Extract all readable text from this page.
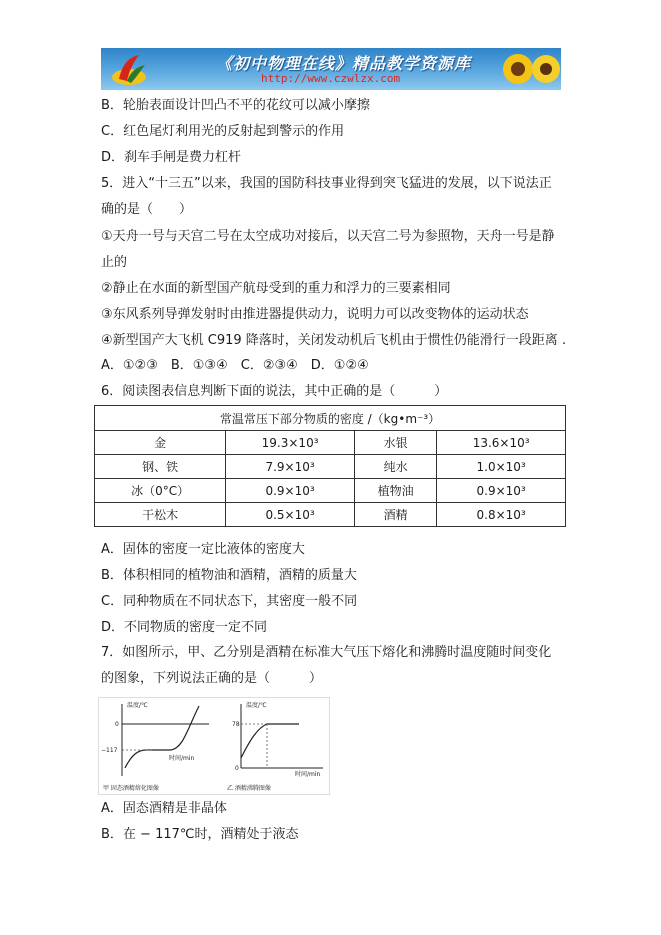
《初中物理在线》精品教学资源库
http://www.czwlzx.com
B．轮胎表面设计凹凸不平的花纹可以减小摩擦
C．红色尾灯利用光的反射起到警示的作用
D．刹车手闸是费力杠杆
5．进入“十三五”以来，我国的国防科技事业得到突飞猛进的发展，以下说法正
确的是（　　）
①天舟一号与天宫二号在太空成功对接后，以天宫二号为参照物，天舟一号是静
止的
②静止在水面的新型国产航母受到的重力和浮力的三要素相同
③东风系列导弹发射时由推进器提供动力，说明力可以改变物体的运动状态
④新型国产大飞机 C919 降落时，关闭发动机后飞机由于惯性仍能滑行一段距离 .
A．①②③　B．①③④　C．②③④　D．①②④
6．阅读图表信息判断下面的说法，其中正确的是（　　　）
常温常压下部分物质的密度 /（kg•m⁻³）			
金	19.3×10³	水银	13.6×10³
钢、铁	7.9×10³	纯水	1.0×10³
冰（0°C）	0.9×10³	植物油	0.9×10³
干松木	0.5×10³	酒精	0.8×10³
A．固体的密度一定比液体的密度大
B．体积相同的植物油和酒精，酒精的质量大
C．同种物质在不同状态下，其密度一般不同
D．不同物质的密度一定不同
7．如图所示，甲、乙分别是酒精在标准大气压下熔化和沸腾时温度随时间变化
的图象，下列说法正确的是（　　　）
温度/℃
时间/min
0
−117
甲 固态酒精熔化图像
温度/℃
时间/min
78
0
乙 酒精沸腾图像
A．固态酒精是非晶体
B．在 − 117℃时，酒精处于液态
